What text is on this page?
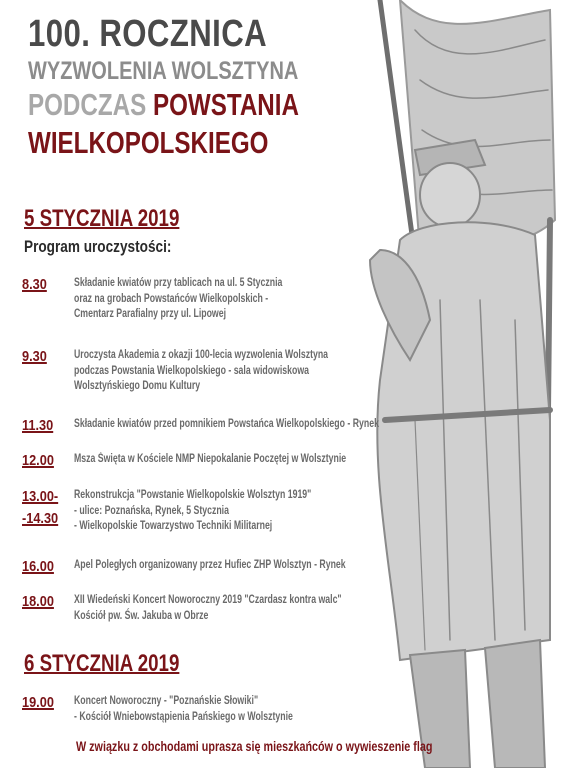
100. ROCZNICA
WYZWOLENIA WOLSZTYNA
PODCZAS POWSTANIA
WIELKOPOLSKIEGO
5 STYCZNIA 2019
Program uroczystości:
8.30 Składanie kwiatów przy tablicach na ul. 5 Stycznia
oraz na grobach Powstańców Wielkopolskich -
Cmentarz Parafialny przy ul. Lipowej
9.30 Uroczysta Akademia z okazji 100-lecia wyzwolenia Wolsztyna
podczas Powstania Wielkopolskiego - sala widowiskowa
Wolsztyńskiego Domu Kultury
11.30 Składanie kwiatów przed pomnikiem Powstańca Wielkopolskiego - Rynek
12.00 Msza Święta w Kościele NMP Niepokalanie Poczętej w Wolsztynie
13.00-
-14.30
Rekonstrukcja "Powstanie Wielkopolskie Wolsztyn 1919"
- ulice: Poznańska, Rynek, 5 Stycznia
- Wielkopolskie Towarzystwo Techniki Militarnej
16.00 Apel Poległych organizowany przez Hufiec ZHP Wolsztyn - Rynek
18.00 XII Wiedeński Koncert Noworoczny 2019 "Czardasz kontra walc"
Kościół pw. Św. Jakuba w Obrze
6 STYCZNIA 2019
19.00 Koncert Noworoczny - "Poznańskie Słowiki"
- Kościół Wniebowstąpienia Pańskiego w Wolsztynie
W związku z obchodami uprasza się mieszkańców o wywieszenie flag
